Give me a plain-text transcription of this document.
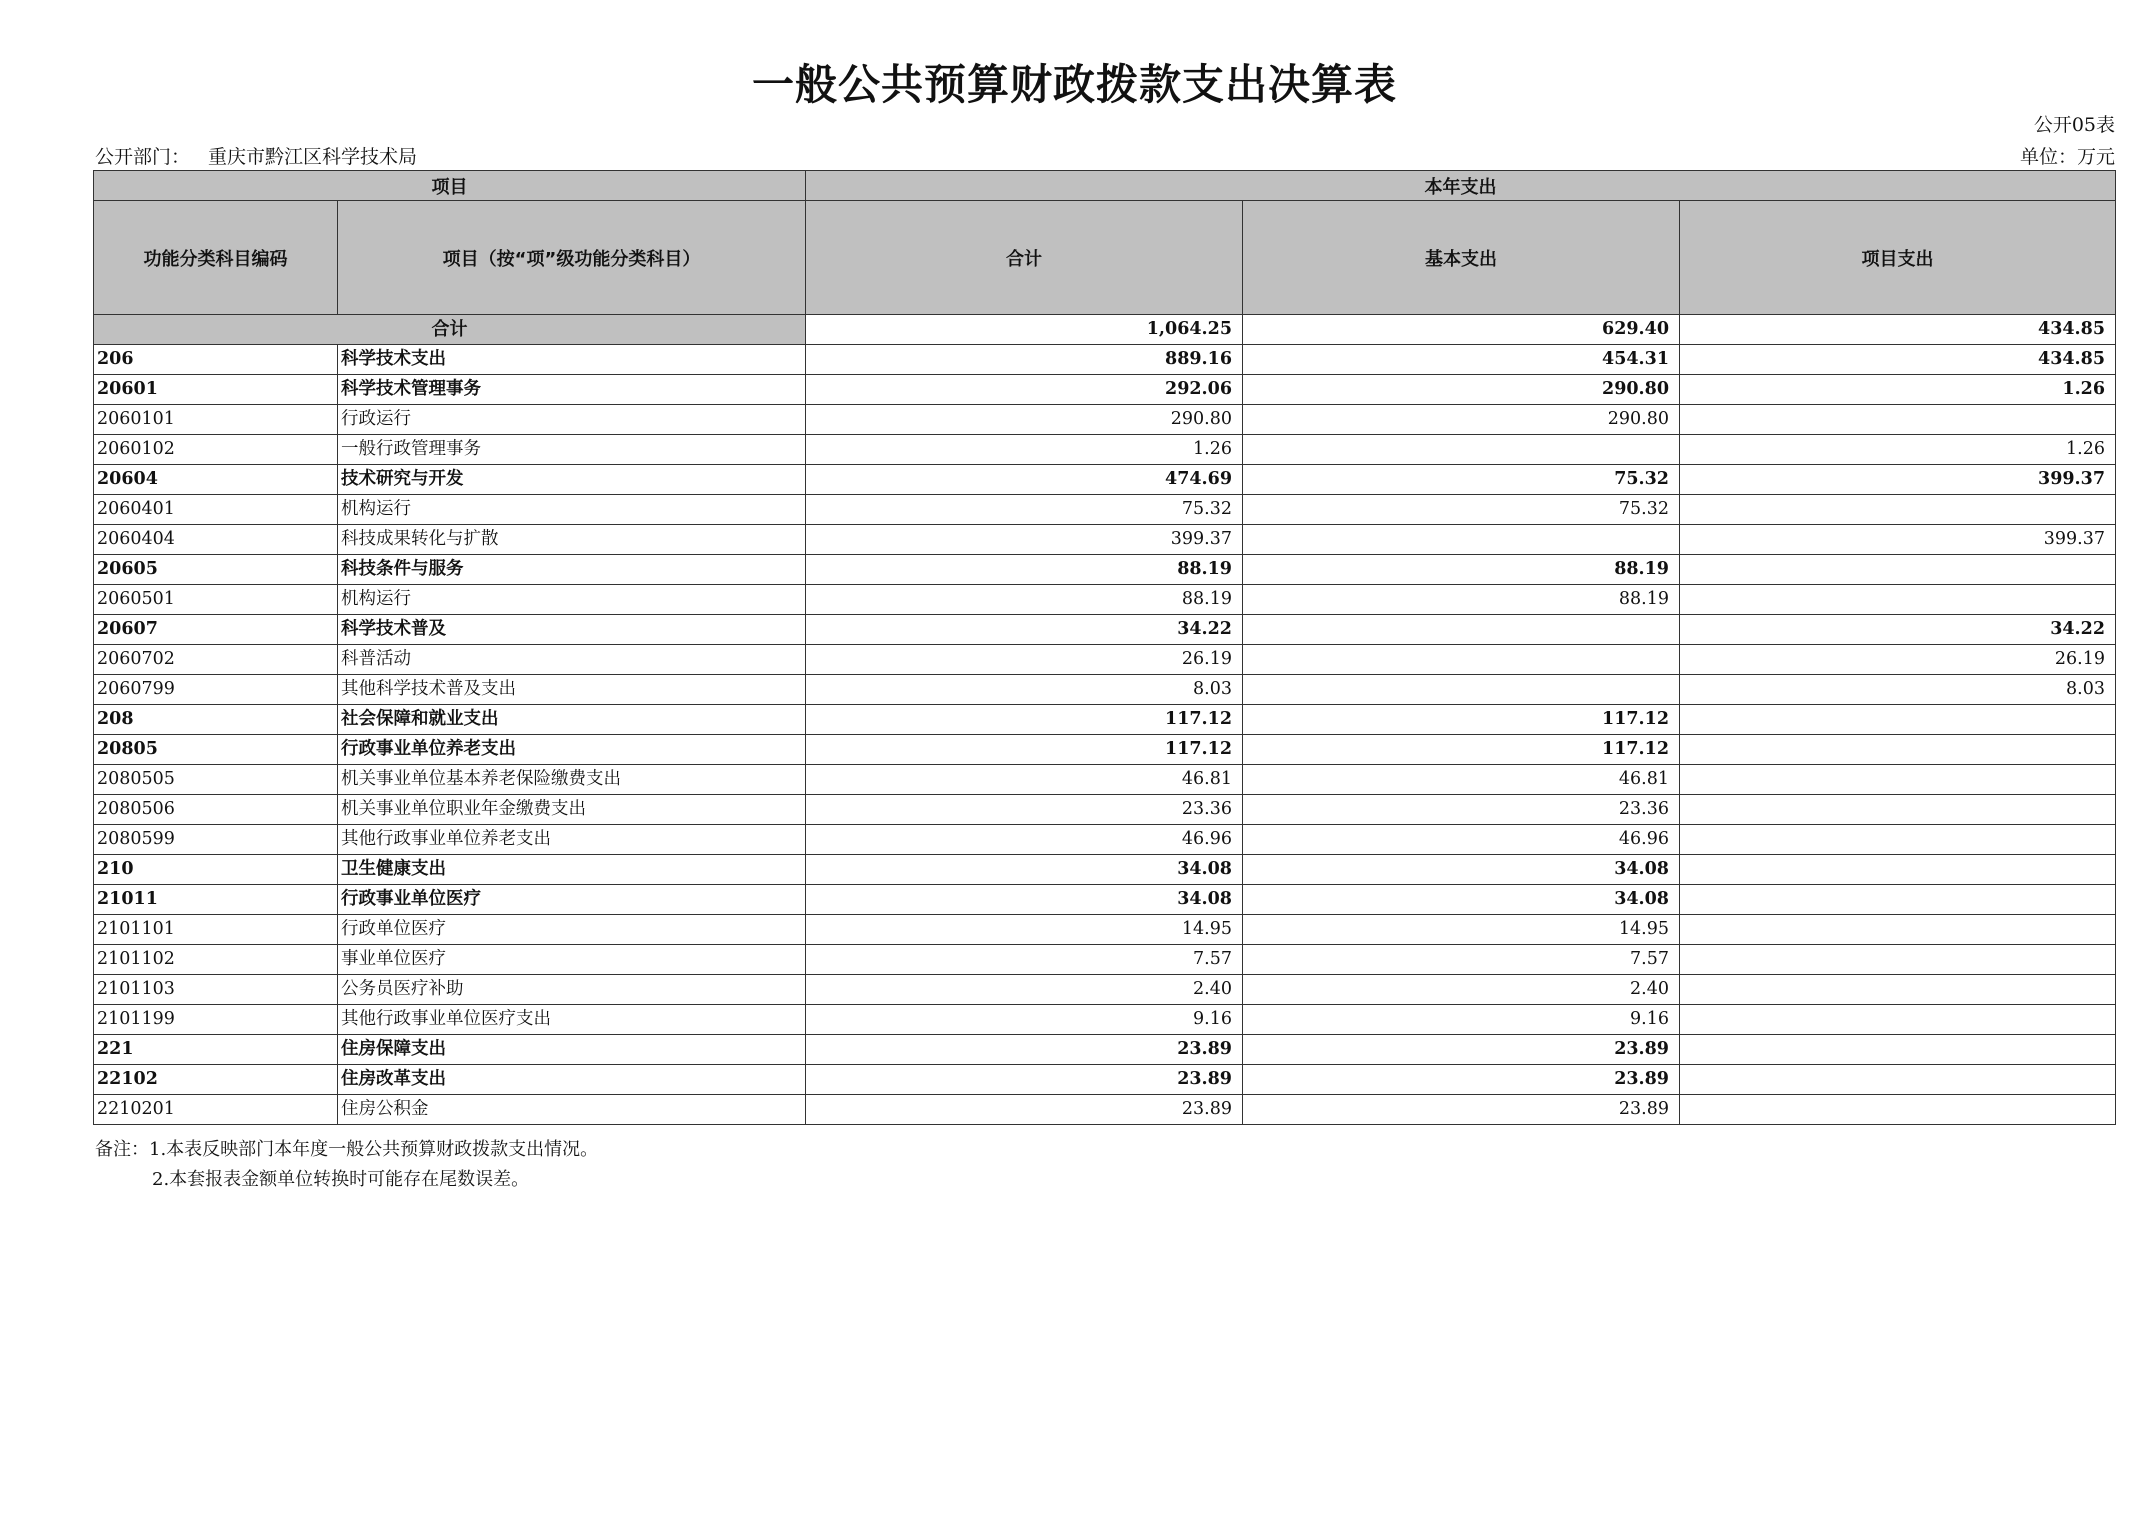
一般公共预算财政拨款支出决算表
公开05表
公开部门： 重庆市黔江区科学技术局	单位：万元
项目		本年支出		
功能分类科目编码	项目（按“项”级功能分类科目）	合计	基本支出	项目支出
合计		1,064.25	629.40	434.85
206	科学技术支出	889.16	454.31	434.85
20601	科学技术管理事务	292.06	290.80	1.26
2060101	行政运行	290.80	290.80	
2060102	一般行政管理事务	1.26		1.26
20604	技术研究与开发	474.69	75.32	399.37
2060401	机构运行	75.32	75.32	
2060404	科技成果转化与扩散	399.37		399.37
20605	科技条件与服务	88.19	88.19	
2060501	机构运行	88.19	88.19	
20607	科学技术普及	34.22		34.22
2060702	科普活动	26.19		26.19
2060799	其他科学技术普及支出	8.03		8.03
208	社会保障和就业支出	117.12	117.12	
20805	行政事业单位养老支出	117.12	117.12	
2080505	机关事业单位基本养老保险缴费支出	46.81	46.81	
2080506	机关事业单位职业年金缴费支出	23.36	23.36	
2080599	其他行政事业单位养老支出	46.96	46.96	
210	卫生健康支出	34.08	34.08	
21011	行政事业单位医疗	34.08	34.08	
2101101	行政单位医疗	14.95	14.95	
2101102	事业单位医疗	7.57	7.57	
2101103	公务员医疗补助	2.40	2.40	
2101199	其他行政事业单位医疗支出	9.16	9.16	
221	住房保障支出	23.89	23.89	
22102	住房改革支出	23.89	23.89	
2210201	住房公积金	23.89	23.89	
备注：1.本表反映部门本年度一般公共预算财政拨款支出情况。
2.本套报表金额单位转换时可能存在尾数误差。
